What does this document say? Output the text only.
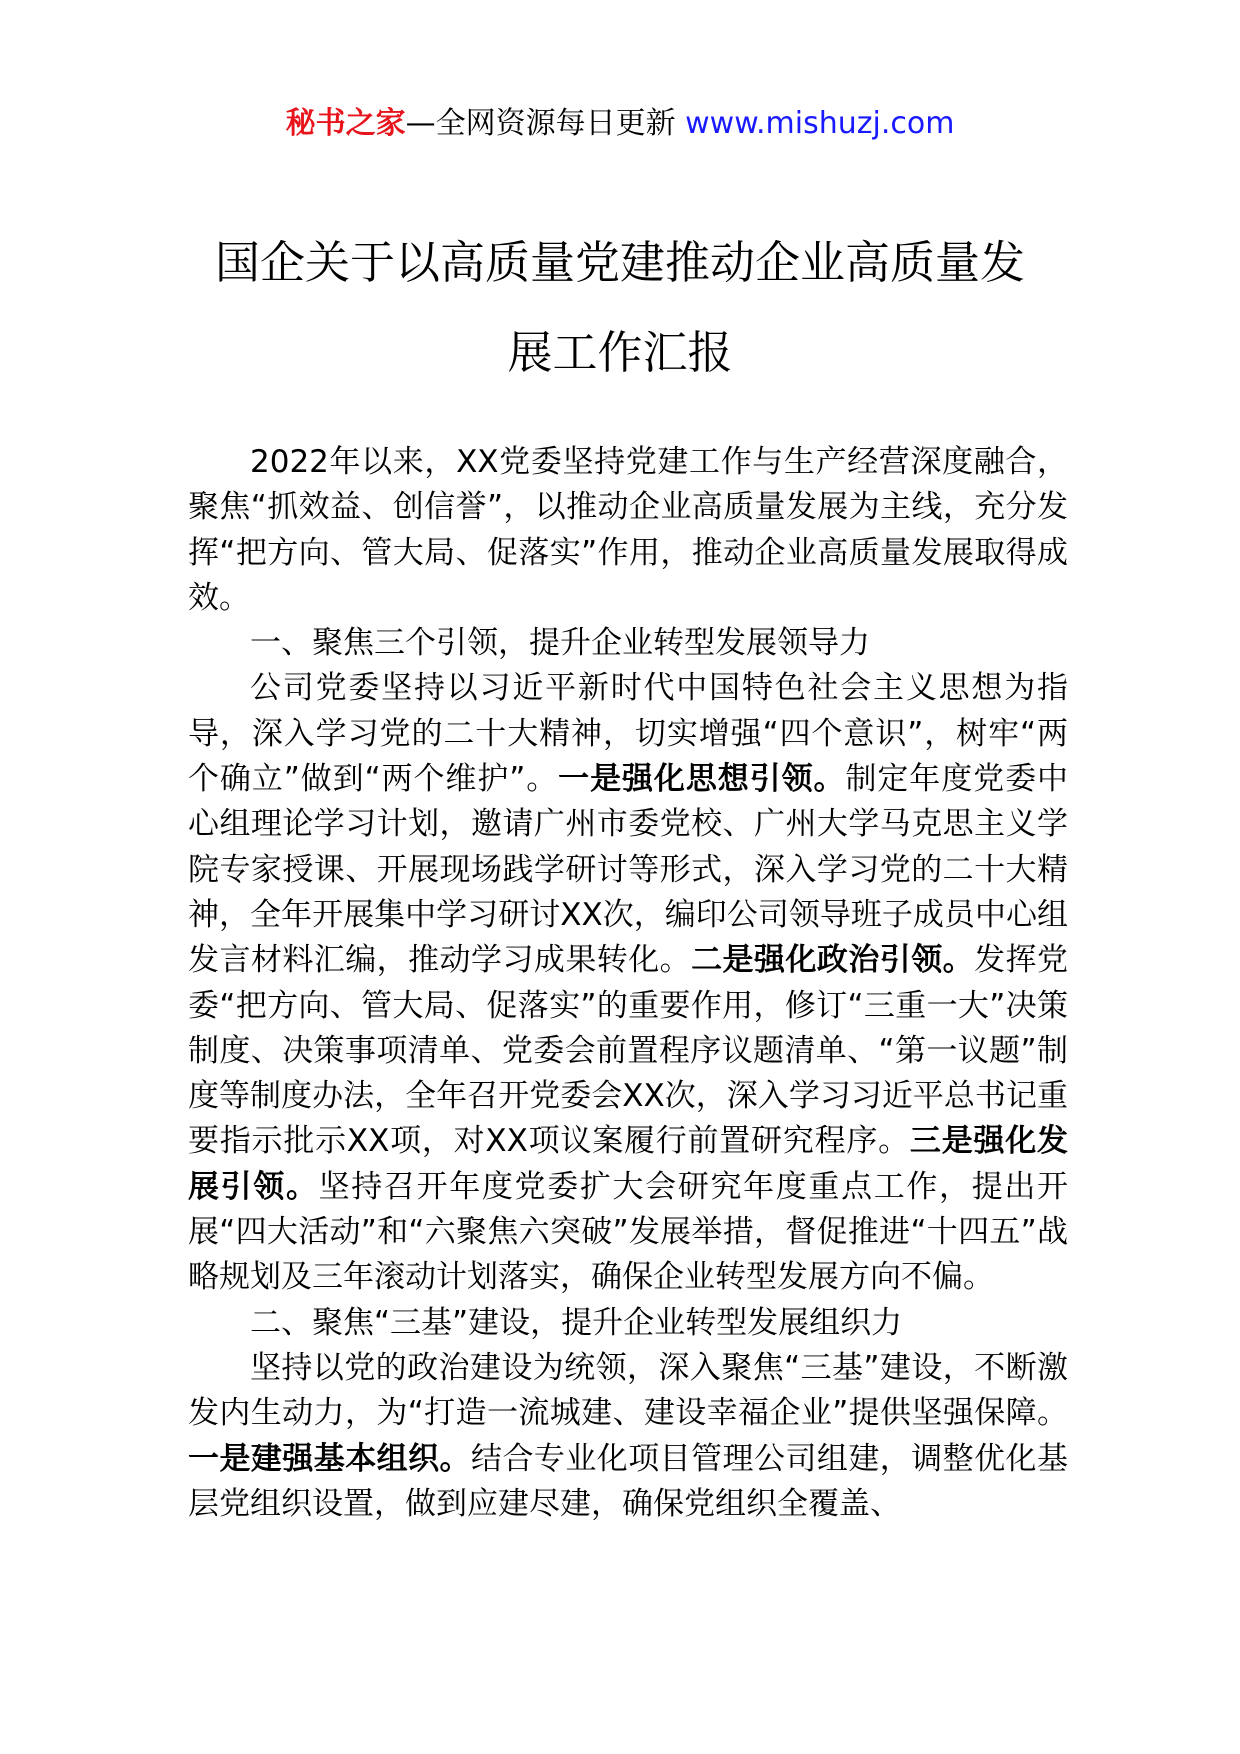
秘书之家—全网资源每日更新 www.mishuzj.com
国企关于以高质量党建推动企业高质量发
展工作汇报

2022年以来，XX党委坚持党建工作与生产经营深度融合，聚焦“抓效益、创信誉”，以推动企业高质量发展为主线，充分发挥“把方向、管大局、促落实”作用，推动企业高质量发展取得成效。

一、聚焦三个引领，提升企业转型发展领导力

公司党委坚持以习近平新时代中国特色社会主义思想为指导，深入学习党的二十大精神，切实增强“四个意识”，树牢“两个确立”做到“两个维护”。一是强化思想引领。制定年度党委中心组理论学习计划，邀请广州市委党校、广州大学马克思主义学院专家授课、开展现场践学研讨等形式，深入学习党的二十大精神，全年开展集中学习研讨XX次，编印公司领导班子成员中心组发言材料汇编，推动学习成果转化。二是强化政治引领。发挥党委“把方向、管大局、促落实”的重要作用，修订“三重一大”决策制度、决策事项清单、党委会前置程序议题清单、“第一议题”制度等制度办法，全年召开党委会XX次，深入学习习近平总书记重要指示批示XX项，对XX项议案履行前置研究程序。三是强化发展引领。坚持召开年度党委扩大会研究年度重点工作，提出开展“四大活动”和“六聚焦六突破”发展举措，督促推进“十四五”战略规划及三年滚动计划落实，确保企业转型发展方向不偏。

二、聚焦“三基”建设，提升企业转型发展组织力

坚持以党的政治建设为统领，深入聚焦“三基”建设，不断激发内生动力，为“打造一流城建、建设幸福企业”提供坚强保障。一是建强基本组织。结合专业化项目管理公司组建，调整优化基层党组织设置，做到应建尽建，确保党组织全覆盖、
